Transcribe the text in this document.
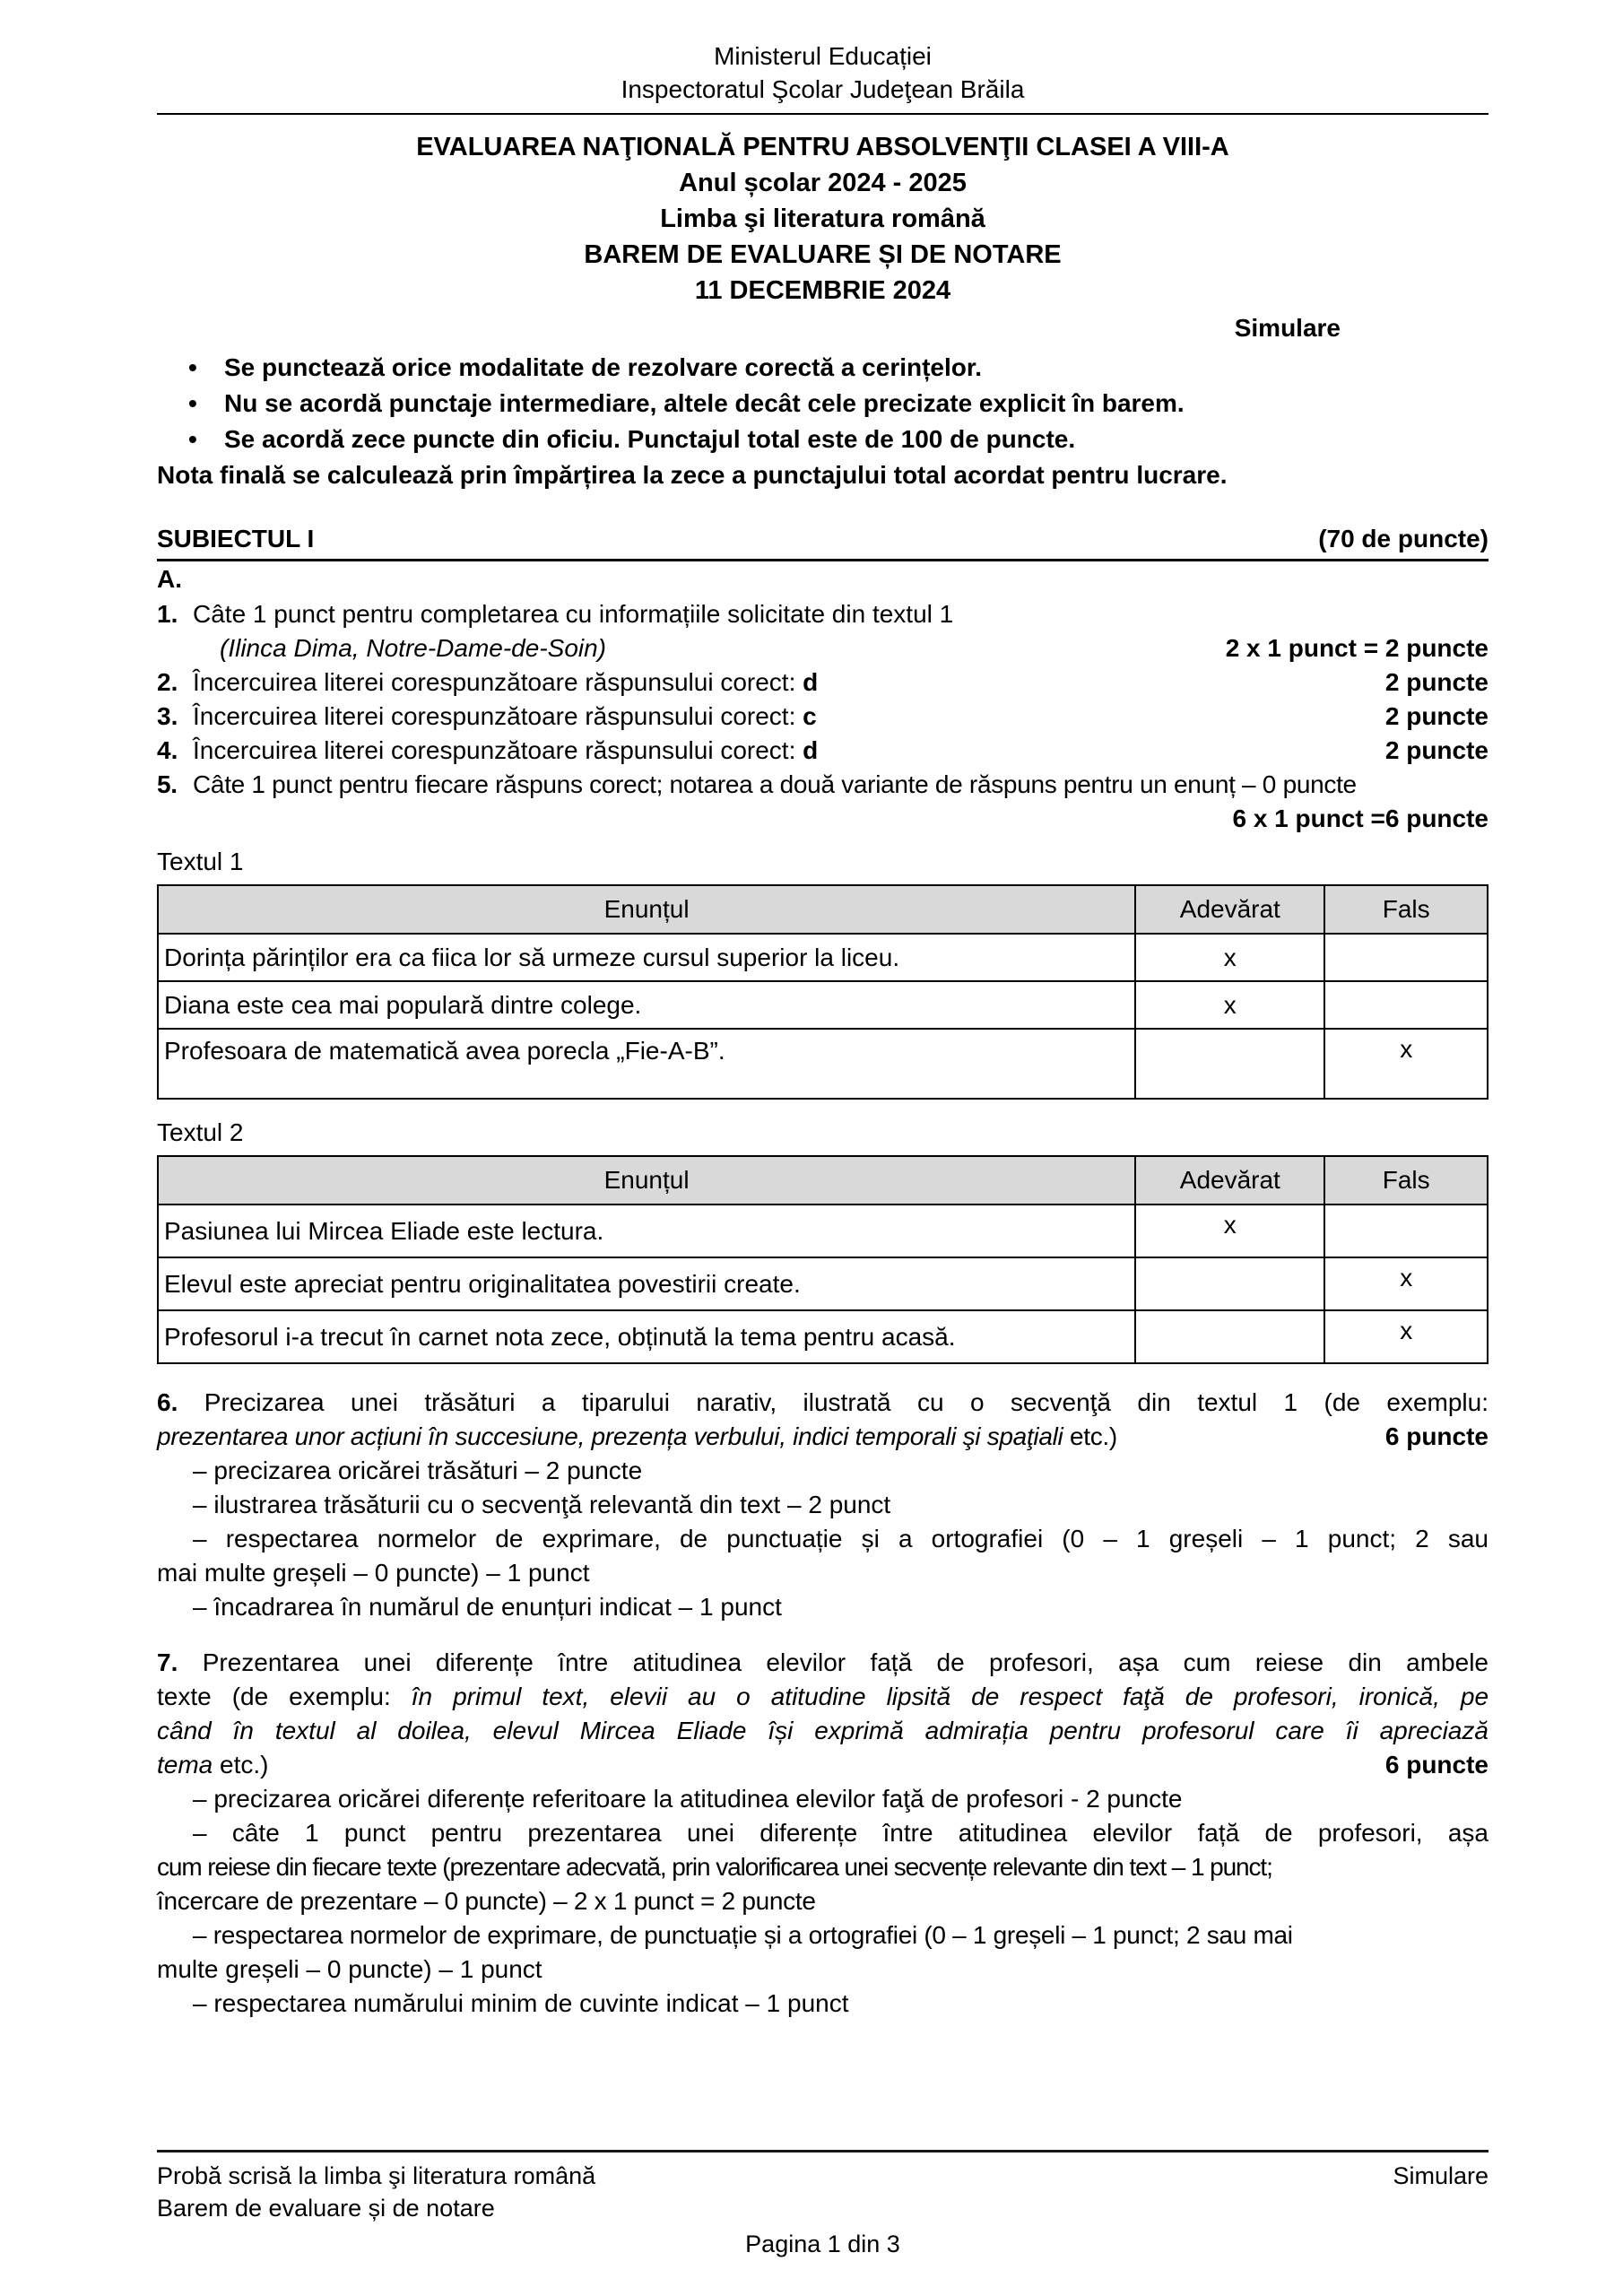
Ministerul Educației
Inspectoratul Şcolar Judeţean Brăila
EVALUAREA NAŢIONALĂ PENTRU ABSOLVENŢII CLASEI A VIII-A
Anul școlar 2024 - 2025
Limba şi literatura română
BAREM DE EVALUARE ȘI DE NOTARE
11 DECEMBRIE 2024
Simulare
•	Se punctează orice modalitate de rezolvare corectă a cerințelor.
•	Nu se acordă punctaje intermediare, altele decât cele precizate explicit în barem.
•	Se acordă zece puncte din oficiu. Punctajul total este de 100 de puncte.
Nota finală se calculează prin împărțirea la zece a punctajului total acordat pentru lucrare.
SUBIECTUL I	(70 de puncte)
A.
1. Câte 1 punct pentru completarea cu informațiile solicitate din textul 1
(Ilinca Dima, Notre-Dame-de-Soin)	2 x 1 punct = 2 puncte
2. Încercuirea literei corespunzătoare răspunsului corect: d	2 puncte
3. Încercuirea literei corespunzătoare răspunsului corect: c	2 puncte
4. Încercuirea literei corespunzătoare răspunsului corect: d	2 puncte
5. Câte 1 punct pentru fiecare răspuns corect; notarea a două variante de răspuns pentru un enunț – 0 puncte
6 x 1 punct =6 puncte
Textul 1
Enunțul	Adevărat	Fals
Dorința părinților era ca fiica lor să urmeze cursul superior la liceu.	x	
Diana este cea mai populară dintre colege.	x	
Profesoara de matematică avea porecla „Fie-A-B”.		x
Textul 2
Enunțul	Adevărat	Fals
Pasiunea lui Mircea Eliade este lectura.	x	
Elevul este apreciat pentru originalitatea povestirii create.		x
Profesorul i-a trecut în carnet nota zece, obținută la tema pentru acasă.		x
6. Precizarea unei trăsături a tiparului narativ, ilustrată cu o secvenţă din textul 1 (de exemplu:
prezentarea unor acțiuni în succesiune, prezența verbului, indici temporali şi spaţiali etc.)	6 puncte
– precizarea oricărei trăsături – 2 puncte
– ilustrarea trăsăturii cu o secvenţă relevantă din text – 2 punct
– respectarea normelor de exprimare, de punctuație și a ortografiei (0 – 1 greșeli – 1 punct; 2 sau
mai multe greșeli – 0 puncte) – 1 punct
– încadrarea în numărul de enunțuri indicat – 1 punct
7. Prezentarea unei diferențe între atitudinea elevilor față de profesori, așa cum reiese din ambele
texte (de exemplu: în primul text, elevii au o atitudine lipsită de respect faţă de profesori, ironică, pe
când în textul al doilea, elevul Mircea Eliade își exprimă admirația pentru profesorul care îi apreciază
tema etc.)	6 puncte
– precizarea oricărei diferențe referitoare la atitudinea elevilor faţă de profesori - 2 puncte
– câte 1 punct pentru prezentarea unei diferențe între atitudinea elevilor față de profesori, așa
cum reiese din fiecare texte (prezentare adecvată, prin valorificarea unei secvențe relevante din text – 1 punct;
încercare de prezentare – 0 puncte) – 2 x 1 punct = 2 puncte
– respectarea normelor de exprimare, de punctuație și a ortografiei (0 – 1 greșeli – 1 punct; 2 sau mai
multe greșeli – 0 puncte) – 1 punct
– respectarea numărului minim de cuvinte indicat – 1 punct
Probă scrisă la limba şi literatura română	Simulare
Barem de evaluare și de notare
Pagina 1 din 3
